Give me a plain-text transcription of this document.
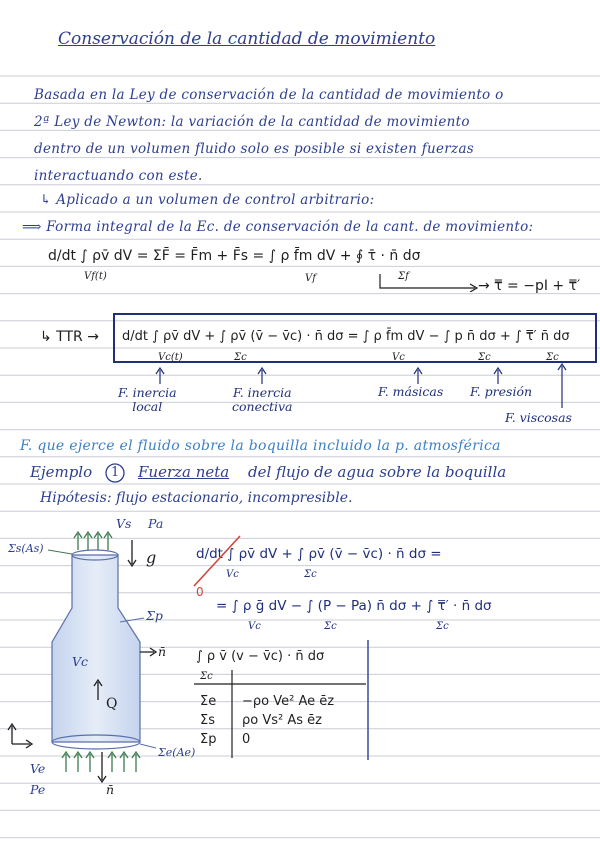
Conservación de la cantidad de movimiento
Basada en la Ley de conservación de la cantidad de movimiento o
2ª Ley de Newton: la variación de la cantidad de movimiento
dentro de un volumen fluido solo es posible si existen fuerzas
interactuando con este.
↳ Aplicado a un volumen de control arbitrario:
⟹ Forma integral de la Ec. de conservación de la cant. de movimiento:
d/dt ∫ ρv̄ dV = ΣF̄ = F̄m + F̄s = ∫ ρ f̄m dV + ∮ τ̄ · n̄ dσ
Vf(t)	Vf	Σf
→ τ̿ = −pI + τ̿′
↳ TTR → d/dt ∫ ρv̄ dV + ∫ ρv̄ (v̄ − v̄c) · n̄ dσ = ∫ ρ f̄m dV − ∫ p n̄ dσ + ∫ τ̿′ n̄ dσ
Vc(t)	Σc	Vc	Σc	Σc
F. inercia
local
F. inercia
conectiva
F. másicas F. presión
F. viscosas
F. que ejerce el fluido sobre la boquilla incluido la p. atmosférica
Ejemplo 1 Fuerza neta del flujo de agua sobre la boquilla
Hipótesis: flujo estacionario, incompresible.
Vs Pa
g
Σs(As)
Σp
Vc
n̄
Q
Σe(Ae)
Ve
Pe	n̄
d/dt ∫ ρv̄ dV + ∫ ρv̄ (v̄ − v̄c) · n̄ dσ =
Vc	Σc
0
= ∫ ρ ḡ dV − ∫ (P − Pa) n̄ dσ + ∫ τ̿′ · n̄ dσ
Vc	Σc	Σc
∫ ρ v̄ (v − v̄c) · n̄ dσ
Σc
Σe −ρo Ve² Ae ēz
Σs ρo Vs² As ēz
Σp 0
